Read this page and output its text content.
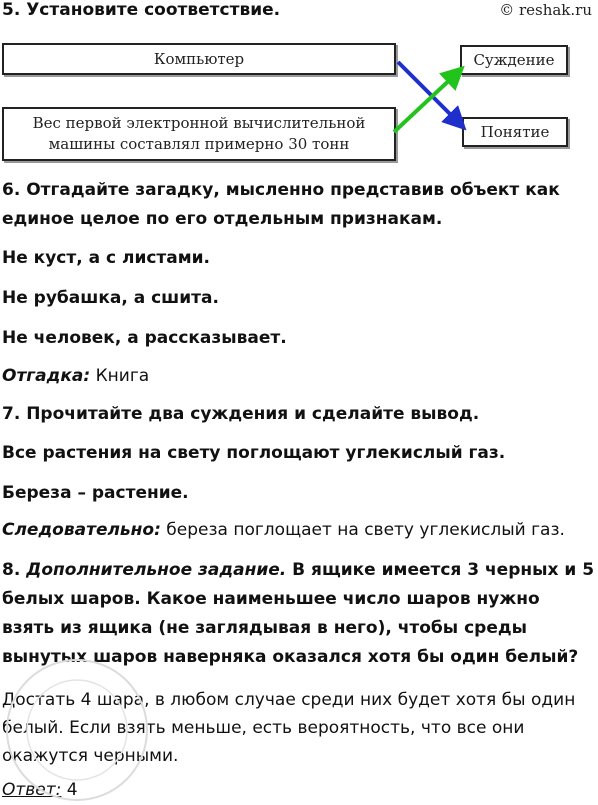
5. Установите соответствие.	© reshak.ru
Компьютер
Вес первой электронной вычислительной машины составлял примерно 30 тонн
Суждение
Понятие
6. Отгадайте загадку, мысленно представив объект как единое целое по его отдельным признакам.
Не куст, а с листами.
Не рубашка, а сшита.
Не человек, а рассказывает.
Отгадка: Книга
7. Прочитайте два суждения и сделайте вывод.
Все растения на свету поглощают углекислый газ.
Береза – растение.
Следовательно: береза поглощает на свету углекислый газ.
8. Дополнительное задание. В ящике имеется 3 черных и 5 белых шаров. Какое наименьшее число шаров нужно взять из ящика (не заглядывая в него), чтобы среды вынутых шаров наверняка оказался хотя бы один белый?
Достать 4 шара, в любом случае среди них будет хотя бы один белый. Если взять меньше, есть вероятность, что все они окажутся черными.
Ответ: 4
